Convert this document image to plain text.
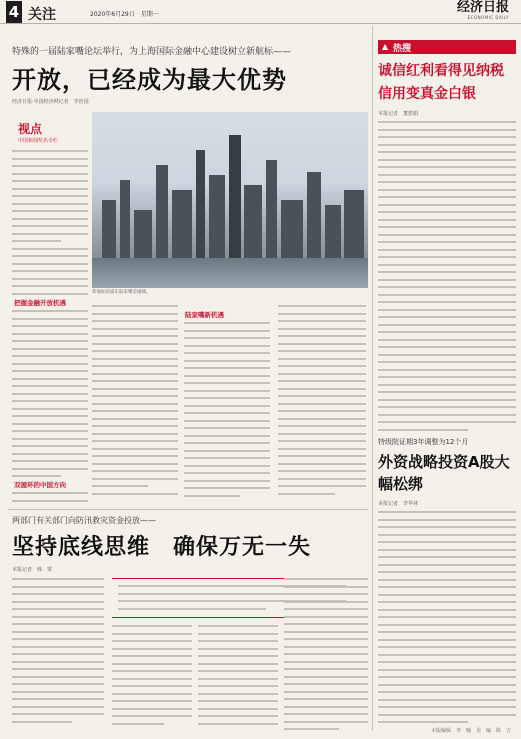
4 关注	2020年6月29日　星期一	经济日报
ECONOMIC DAILY
特殊的一届陆家嘴论坛举行，为上海国际金融中心建设树立新航标——
开放，已经成为最大优势
经济日报·中国经济网记者　李治国
视点
中国新闻奖名专栏
新地标的浦东陆家嘴金融城。
把握金融开放机遇
双循环的中国方向
陆家嘴新机遇
两部门有关部门向防汛救灾资金投放——
坚持底线思维　确保万无一失
本报记者　韩　霁
▲ 热搜
诚信红利看得见纳税信用变真金白银
本报记者　董碧娟
特级院证期3年调整为12个月
外资战略投资A股大幅松绑
本报记者　李华林
本版编辑　李　瞳　美　编　陈　吉
